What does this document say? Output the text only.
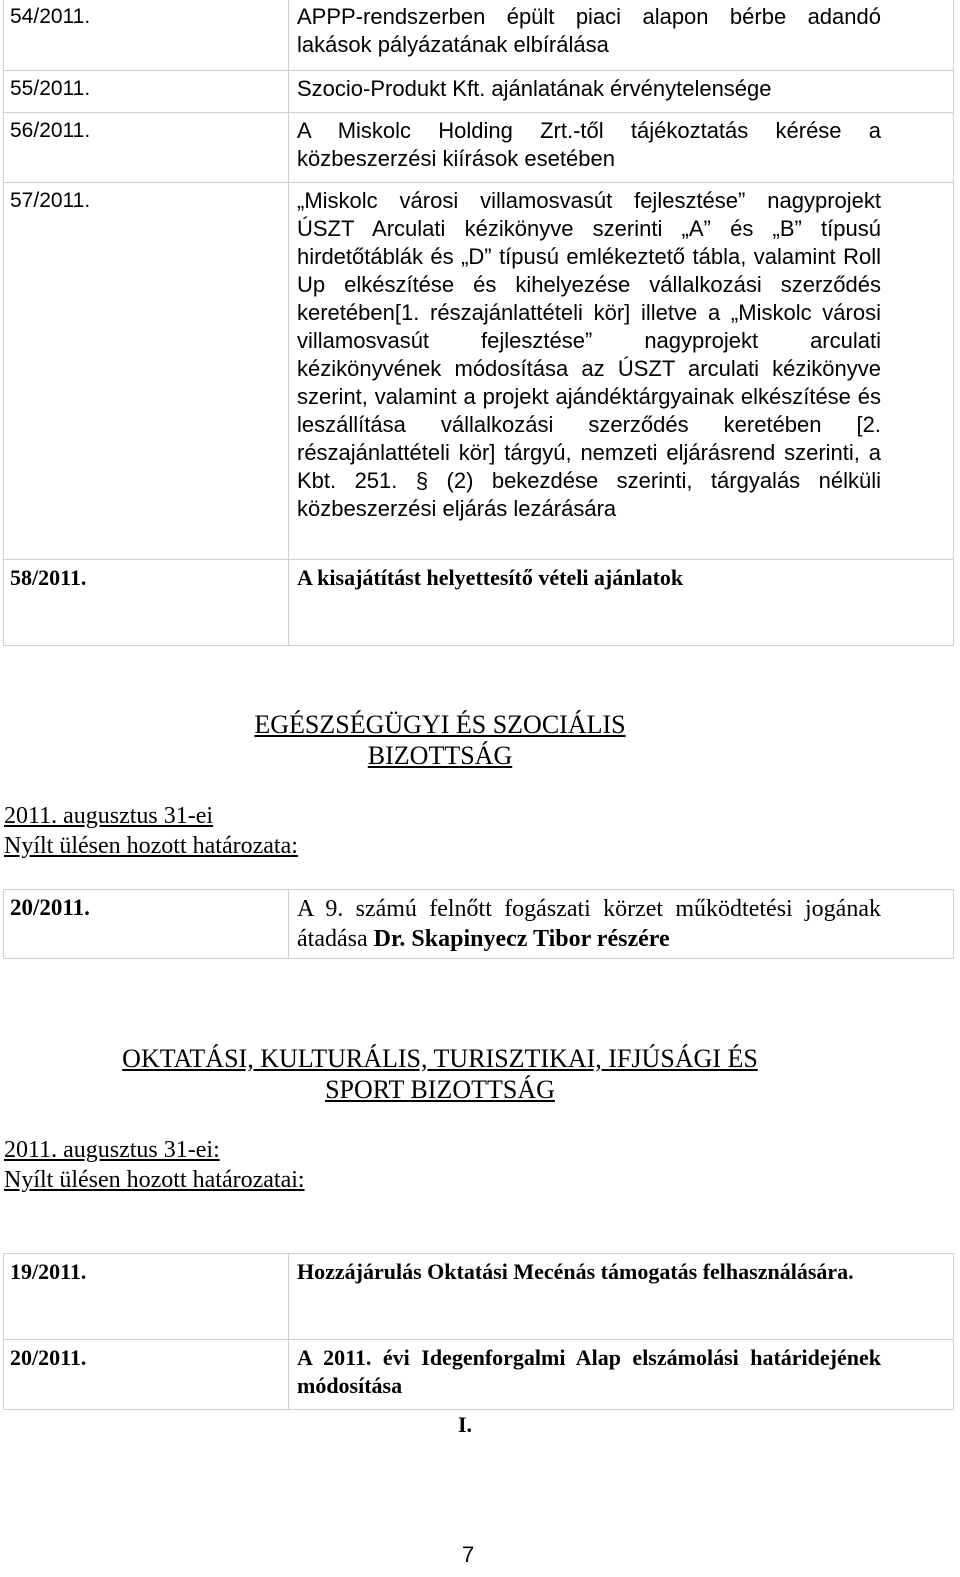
54/2011.	APPP-rendszerben épült piaci alapon bérbe adandó lakások pályázatának elbírálása
55/2011.	Szocio-Produkt Kft. ajánlatának érvénytelensége
56/2011.	A Miskolc Holding Zrt.-től tájékoztatás kérése a közbeszerzési kiírások esetében
57/2011.	„Miskolc városi villamosvasút fejlesztése” nagyprojekt ÚSZT Arculati kézikönyve szerinti „A” és „B” típusú hirdetőtáblák és „D” típusú emlékeztető tábla, valamint Roll Up elkészítése és kihelyezése vállalkozási szerződés keretében[1. részajánlattételi kör] illetve a „Miskolc városi villamosvasút fejlesztése” nagyprojekt arculati kézikönyvének módosítása az ÚSZT arculati kézikönyve szerint, valamint a projekt ajándéktárgyainak elkészítése és leszállítása vállalkozási szerződés keretében [2. részajánlattételi kör] tárgyú, nemzeti eljárásrend szerinti, a Kbt. 251. § (2) bekezdése szerinti, tárgyalás nélküli közbeszerzési eljárás lezárására
58/2011.	A kisajátítást helyettesítő vételi ajánlatok
EGÉSZSÉGÜGYI ÉS SZOCIÁLIS
BIZOTTSÁG
2011. augusztus 31-ei
Nyílt ülésen hozott határozata:
20/2011.	A 9. számú felnőtt fogászati körzet működtetési jogának átadása Dr. Skapinyecz Tibor részére
OKTATÁSI, KULTURÁLIS, TURISZTIKAI, IFJÚSÁGI ÉS
SPORT BIZOTTSÁG
2011. augusztus 31-ei:
Nyílt ülésen hozott határozatai:
19/2011.	Hozzájárulás Oktatási Mecénás támogatás felhasználására.
20/2011.	A 2011. évi Idegenforgalmi Alap elszámolási határidejének módosítása
I.
7
